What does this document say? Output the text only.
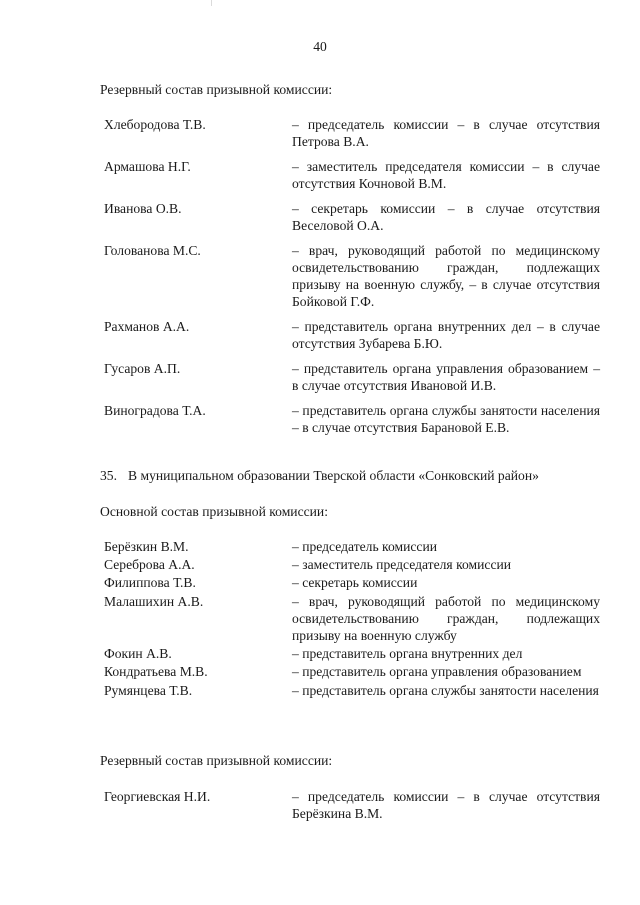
40
Резервный состав призывной комиссии:
Хлебородова Т.В.	– председатель комиссии – в случае отсутствия Петрова В.А.
Армашова Н.Г.	– заместитель председателя комиссии – в случае отсутствия Кочновой В.М.
Иванова О.В.	– секретарь комиссии – в случае отсутствия Веселовой О.А.
Голованова М.С.	– врач, руководящий работой по медицинскому освидетельствованию граждан, подлежащих призыву на военную службу, – в случае отсутствия Бойковой Г.Ф.
Рахманов А.А.	– представитель органа внутренних дел – в случае отсутствия Зубарева Б.Ю.
Гусаров А.П.	– представитель органа управления образованием – в случае отсутствия Ивановой И.В.
Виноградова Т.А.	– представитель органа службы занятости населения – в случае отсутствия Барановой Е.В.
35. В муниципальном образовании Тверской области «Сонковский район»
Основной состав призывной комиссии:
Берёзкин В.М.	– председатель комиссии
Сереброва А.А.	– заместитель председателя комиссии
Филиппова Т.В.	– секретарь комиссии
Малашихин А.В.	– врач, руководящий работой по медицинскому освидетельствованию граждан, подлежащих призыву на военную службу
Фокин А.В.	– представитель органа внутренних дел
Кондратьева М.В.	– представитель органа управления образованием
Румянцева Т.В.	– представитель органа службы занятости населения
Резервный состав призывной комиссии:
Георгиевская Н.И.	– председатель комиссии – в случае отсутствия Берёзкина В.М.
